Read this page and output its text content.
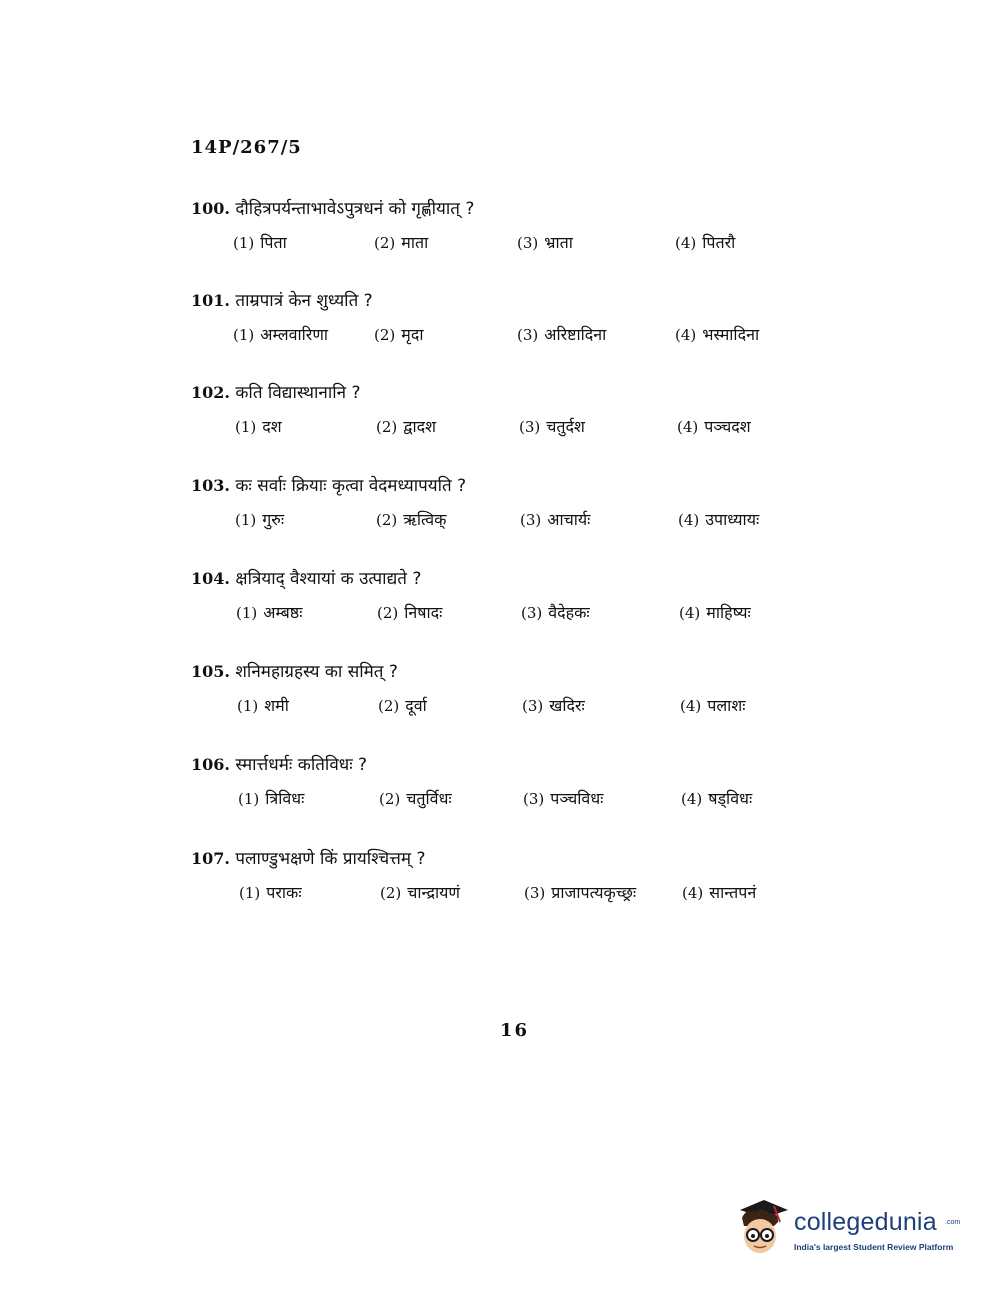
14P/267/5
100. दौहित्रपर्यन्ताभावेऽपुत्रधनं को गृह्णीयात् ?
(1) पिता	(2) माता	(3) भ्राता	(4) पितरौ
101. ताम्रपात्रं केन शुध्यति ?
(1) अम्लवारिणा	(2) मृदा	(3) अरिष्टादिना	(4) भस्मादिना
102. कति विद्यास्थानानि ?
(1) दश	(2) द्वादश	(3) चतुर्दश	(4) पञ्चदश
103. कः सर्वाः क्रियाः कृत्वा वेदमध्यापयति ?
(1) गुरुः	(2) ऋत्विक्	(3) आचार्यः	(4) उपाध्यायः
104. क्षत्रियाद् वैश्यायां क उत्पाद्यते ?
(1) अम्बष्ठः	(2) निषादः	(3) वैदेहकः	(4) माहिष्यः
105. शनिमहाग्रहस्य का समित् ?
(1) शमी	(2) दूर्वा	(3) खदिरः	(4) पलाशः
106. स्मार्त्तधर्मः कतिविधः ?
(1) त्रिविधः	(2) चतुर्विधः	(3) पञ्चविधः	(4) षड्विधः
107. पलाण्डुभक्षणे किं प्रायश्चित्तम् ?
(1) पराकः	(2) चान्द्रायणं	(3) प्राजापत्यकृच्छ्रः	(4) सान्तपनं
16
collegedunia .com
India's largest Student Review Platform
